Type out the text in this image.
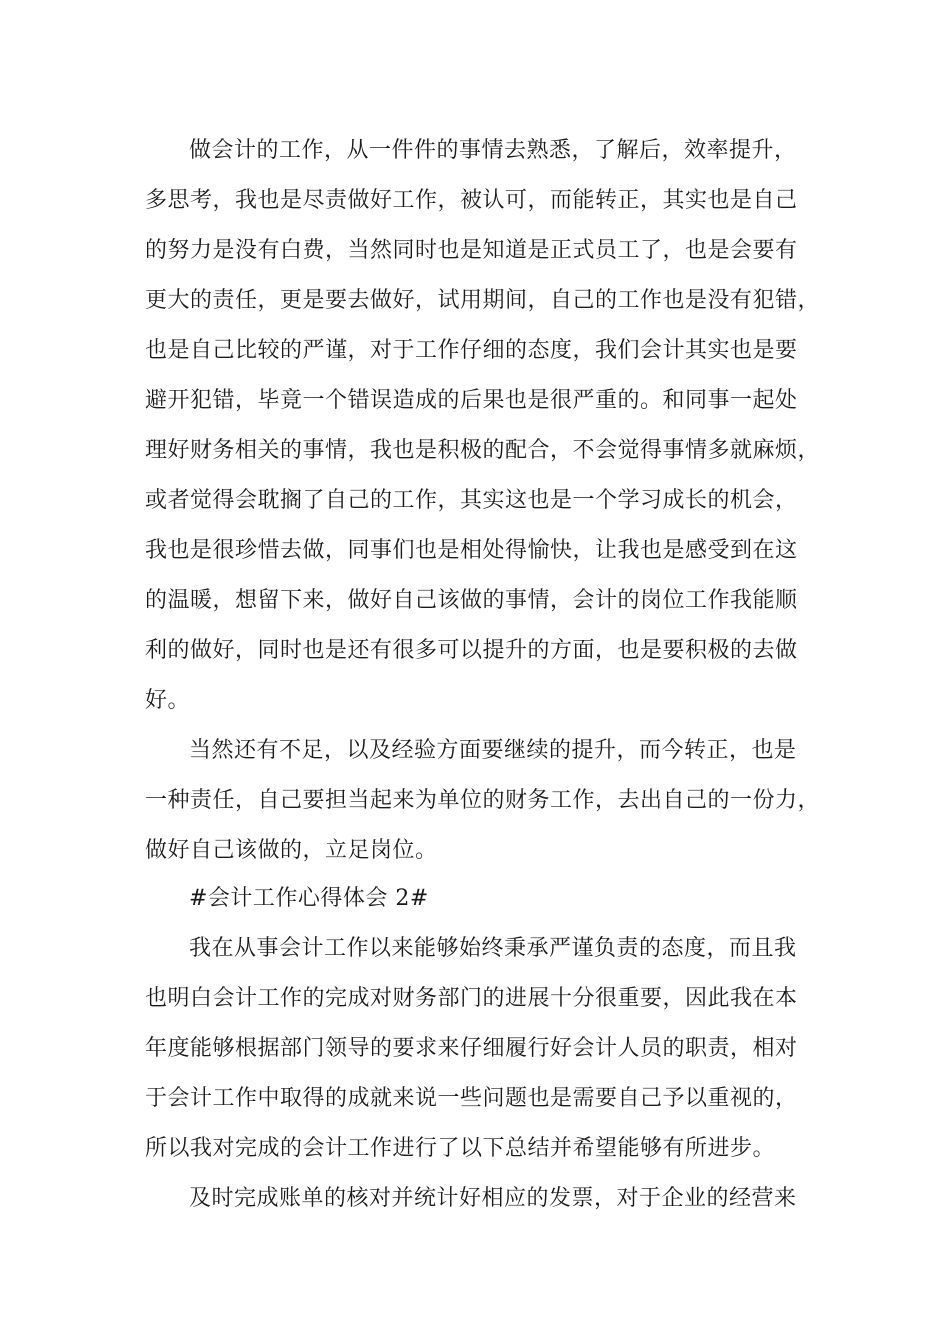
做会计的工作，从一件件的事情去熟悉，了解后，效率提升，

多思考，我也是尽责做好工作，被认可，而能转正，其实也是自己

的努力是没有白费，当然同时也是知道是正式员工了，也是会要有

更大的责任，更是要去做好，试用期间，自己的工作也是没有犯错，

也是自己比较的严谨，对于工作仔细的态度，我们会计其实也是要

避开犯错，毕竟一个错误造成的后果也是很严重的。和同事一起处

理好财务相关的事情，我也是积极的配合，不会觉得事情多就麻烦，

或者觉得会耽搁了自己的工作，其实这也是一个学习成长的机会，

我也是很珍惜去做，同事们也是相处得愉快，让我也是感受到在这

的温暖，想留下来，做好自己该做的事情，会计的岗位工作我能顺

利的做好，同时也是还有很多可以提升的方面，也是要积极的去做

好。

当然还有不足，以及经验方面要继续的提升，而今转正，也是

一种责任，自己要担当起来为单位的财务工作，去出自己的一份力，

做好自己该做的，立足岗位。

#会计工作心得体会 2#

我在从事会计工作以来能够始终秉承严谨负责的态度，而且我

也明白会计工作的完成对财务部门的进展十分很重要，因此我在本

年度能够根据部门领导的要求来仔细履行好会计人员的职责，相对

于会计工作中取得的成就来说一些问题也是需要自己予以重视的，

所以我对完成的会计工作进行了以下总结并希望能够有所进步。

及时完成账单的核对并统计好相应的发票，对于企业的经营来
